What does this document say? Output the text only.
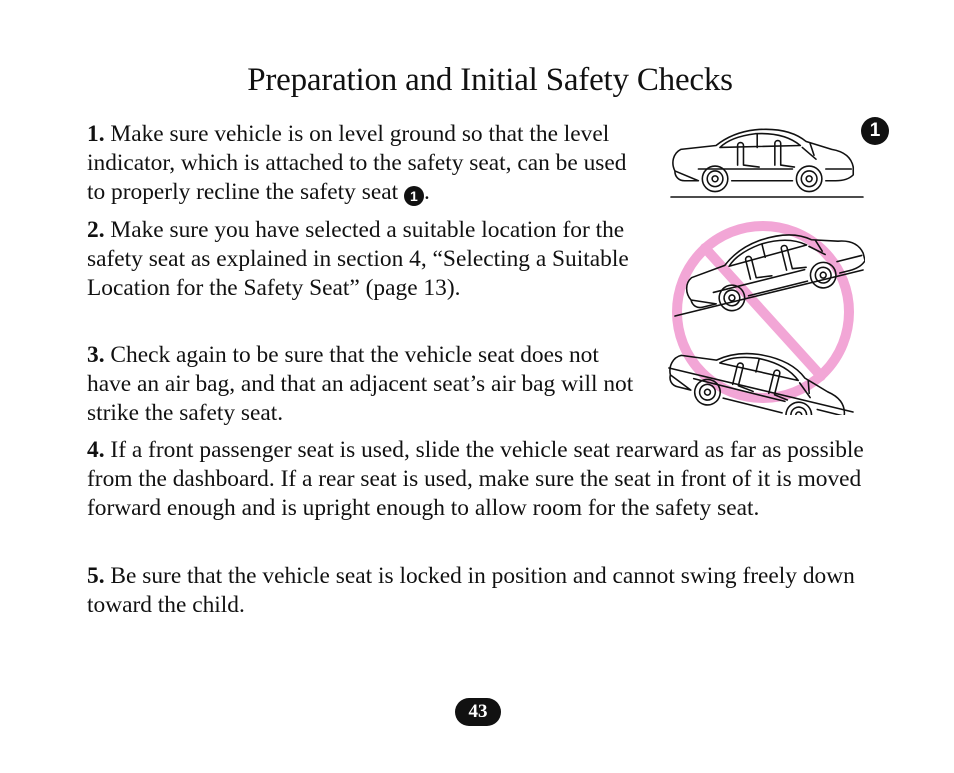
Preparation and Initial Safety Checks
1. Make sure vehicle is on level ground so that the level indicator, which is attached to the safety seat, can be used to properly recline the safety seat 1 .
2. Make sure you have selected a suitable location for the safety seat as explained in section 4, “Selecting a Suitable Location for the Safety Seat” (page 13).
3. Check again to be sure that the vehicle seat does not have an air bag, and that an adjacent seat’s air bag will not strike the safety seat.
4. If a front passenger seat is used, slide the vehicle seat rearward as far as possible from the dashboard. If a rear seat is used, make sure the seat in front of it is moved forward enough and is upright enough to allow room for the safety seat.
5. Be sure that the vehicle seat is locked in position and cannot swing freely down toward the child.
1
43
